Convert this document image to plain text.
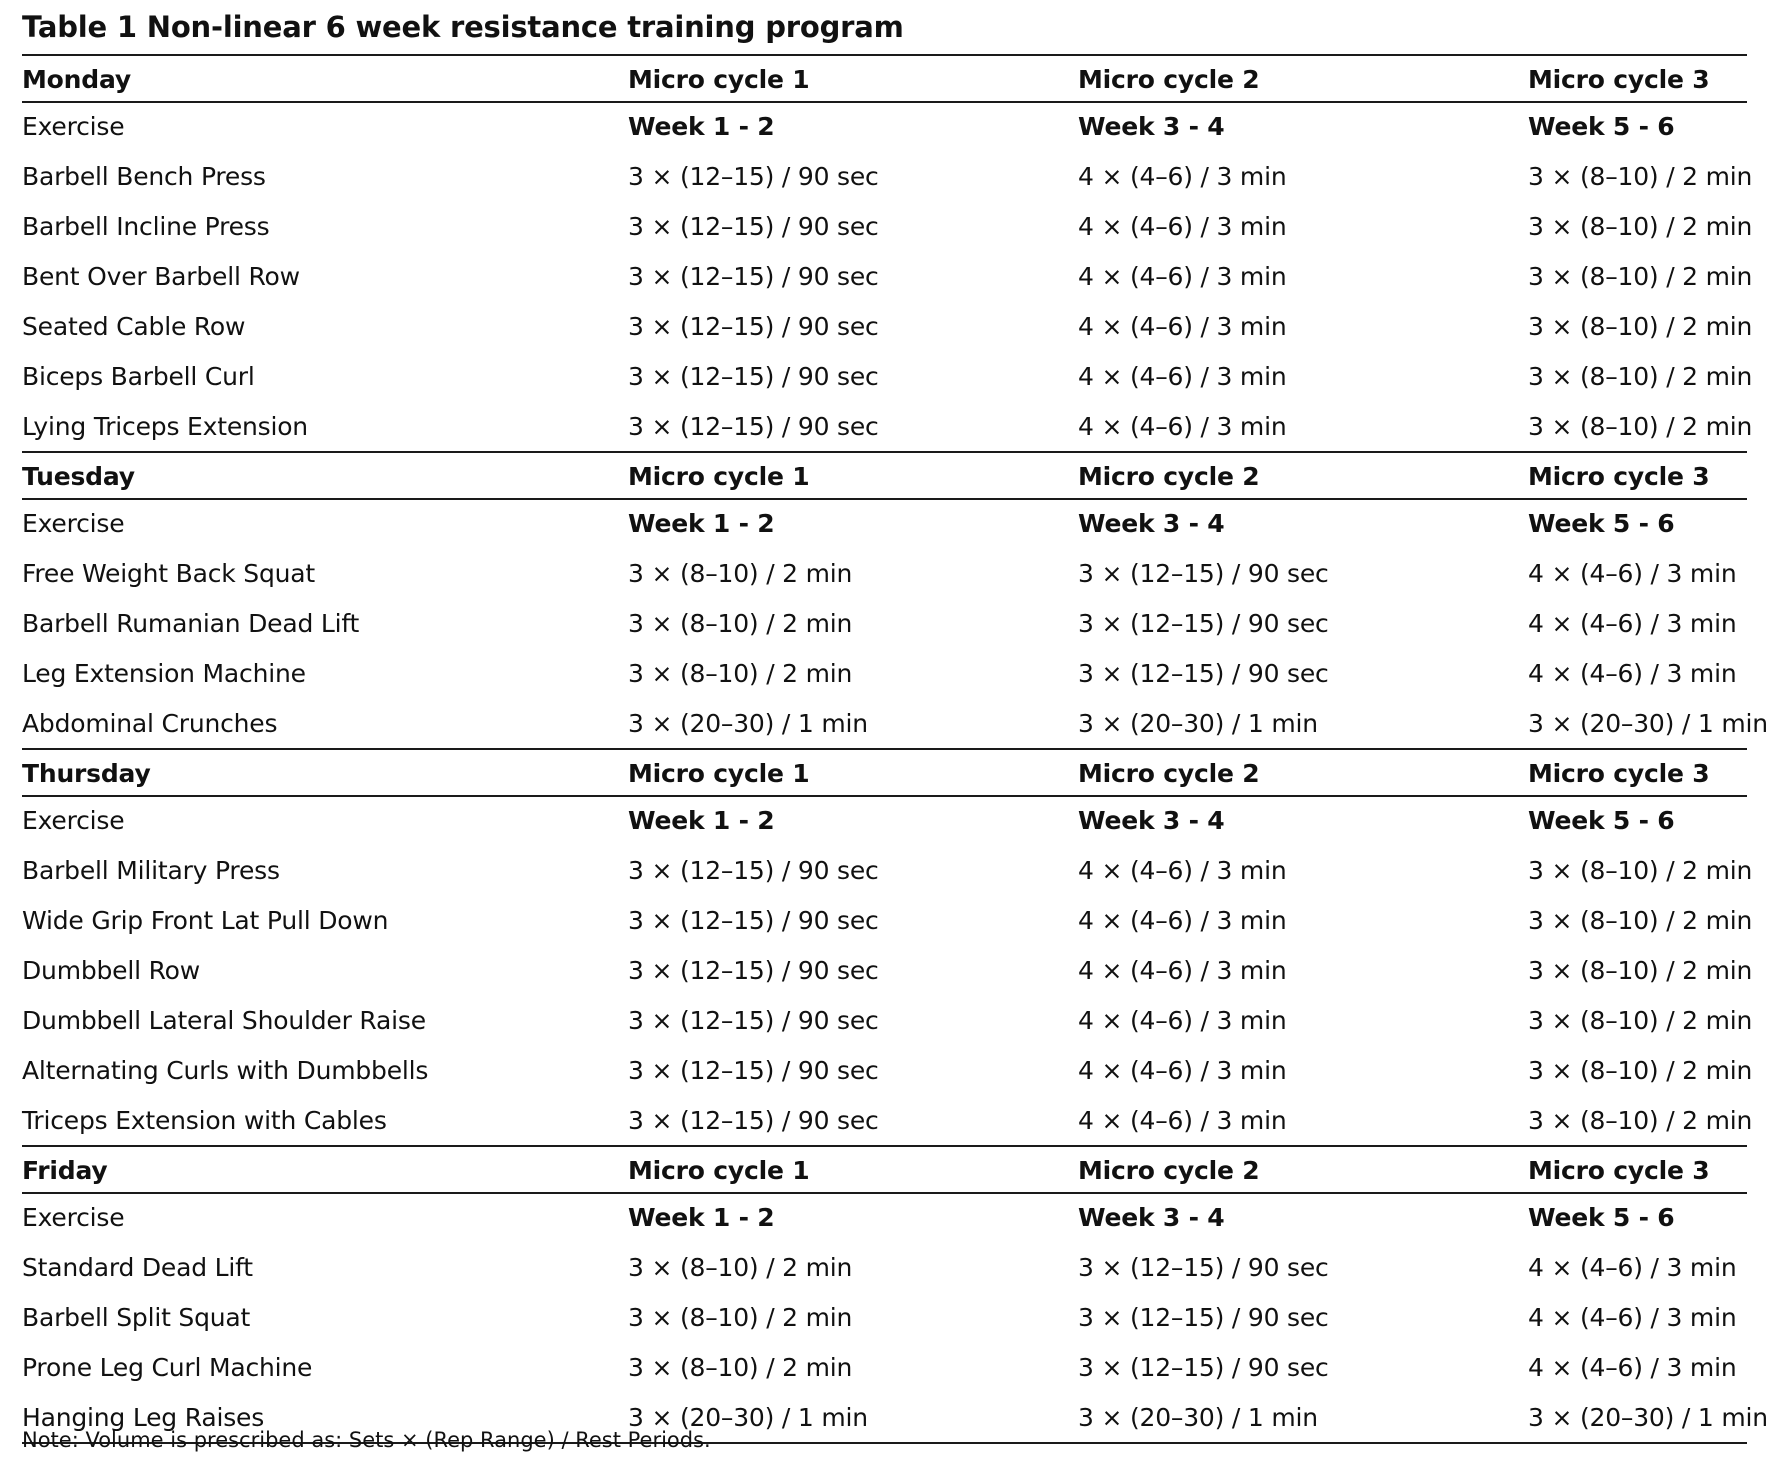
Table 1 Non-linear 6 week resistance training program
Monday	Micro cycle 1	Micro cycle 2	Micro cycle 3
Exercise	Week 1 - 2	Week 3 - 4	Week 5 - 6
Barbell Bench Press	3 × (12–15) / 90 sec	4 × (4–6) / 3 min	3 × (8–10) / 2 min
Barbell Incline Press	3 × (12–15) / 90 sec	4 × (4–6) / 3 min	3 × (8–10) / 2 min
Bent Over Barbell Row	3 × (12–15) / 90 sec	4 × (4–6) / 3 min	3 × (8–10) / 2 min
Seated Cable Row	3 × (12–15) / 90 sec	4 × (4–6) / 3 min	3 × (8–10) / 2 min
Biceps Barbell Curl	3 × (12–15) / 90 sec	4 × (4–6) / 3 min	3 × (8–10) / 2 min
Lying Triceps Extension	3 × (12–15) / 90 sec	4 × (4–6) / 3 min	3 × (8–10) / 2 min
Tuesday	Micro cycle 1	Micro cycle 2	Micro cycle 3
Exercise	Week 1 - 2	Week 3 - 4	Week 5 - 6
Free Weight Back Squat	3 × (8–10) / 2 min	3 × (12–15) / 90 sec	4 × (4–6) / 3 min
Barbell Rumanian Dead Lift	3 × (8–10) / 2 min	3 × (12–15) / 90 sec	4 × (4–6) / 3 min
Leg Extension Machine	3 × (8–10) / 2 min	3 × (12–15) / 90 sec	4 × (4–6) / 3 min
Abdominal Crunches	3 × (20–30) / 1 min	3 × (20–30) / 1 min	3 × (20–30) / 1 min
Thursday	Micro cycle 1	Micro cycle 2	Micro cycle 3
Exercise	Week 1 - 2	Week 3 - 4	Week 5 - 6
Barbell Military Press	3 × (12–15) / 90 sec	4 × (4–6) / 3 min	3 × (8–10) / 2 min
Wide Grip Front Lat Pull Down	3 × (12–15) / 90 sec	4 × (4–6) / 3 min	3 × (8–10) / 2 min
Dumbbell Row	3 × (12–15) / 90 sec	4 × (4–6) / 3 min	3 × (8–10) / 2 min
Dumbbell Lateral Shoulder Raise	3 × (12–15) / 90 sec	4 × (4–6) / 3 min	3 × (8–10) / 2 min
Alternating Curls with Dumbbells	3 × (12–15) / 90 sec	4 × (4–6) / 3 min	3 × (8–10) / 2 min
Triceps Extension with Cables	3 × (12–15) / 90 sec	4 × (4–6) / 3 min	3 × (8–10) / 2 min
Friday	Micro cycle 1	Micro cycle 2	Micro cycle 3
Exercise	Week 1 - 2	Week 3 - 4	Week 5 - 6
Standard Dead Lift	3 × (8–10) / 2 min	3 × (12–15) / 90 sec	4 × (4–6) / 3 min
Barbell Split Squat	3 × (8–10) / 2 min	3 × (12–15) / 90 sec	4 × (4–6) / 3 min
Prone Leg Curl Machine	3 × (8–10) / 2 min	3 × (12–15) / 90 sec	4 × (4–6) / 3 min
Hanging Leg Raises	3 × (20–30) / 1 min	3 × (20–30) / 1 min	3 × (20–30) / 1 min
Note: Volume is prescribed as: Sets × (Rep Range) / Rest Periods.
